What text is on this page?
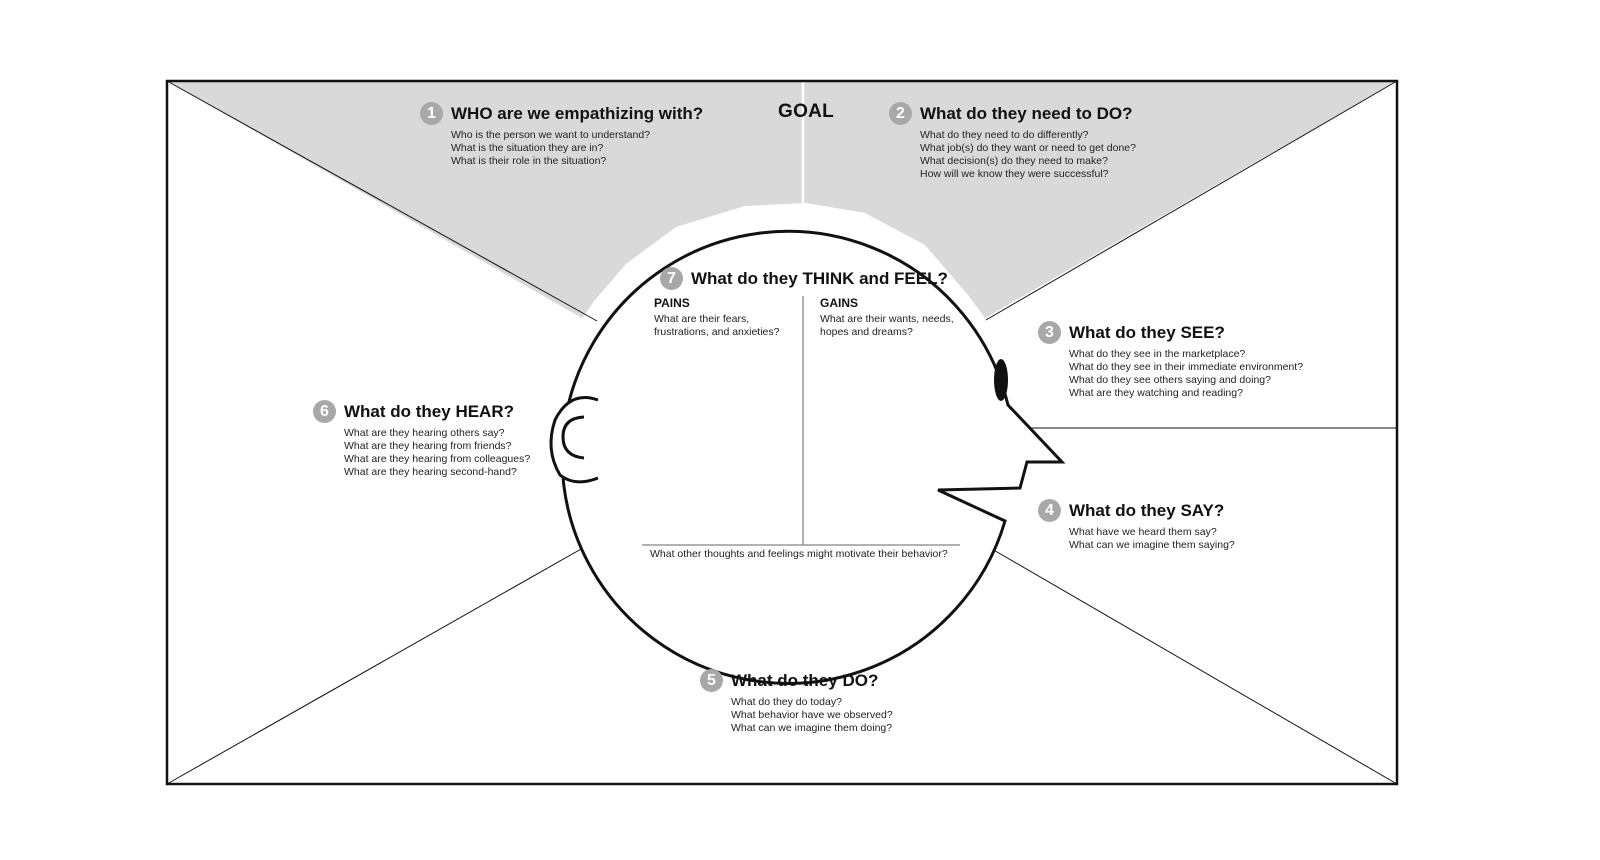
GOAL
1 WHO are we empathizing with?
Who is the person we want to understand?
What is the situation they are in?
What is their role in the situation?
2 What do they need to DO?
What do they need to do differently?
What job(s) do they want or need to get done?
What decision(s) do they need to make?
How will we know they were successful?
3 What do they SEE?
What do they see in the marketplace?
What do they see in their immediate environment?
What do they see others saying and doing?
What are they watching and reading?
4 What do they SAY?
What have we heard them say?
What can we imagine them saying?
5 What do they DO?
What do they do today?
What behavior have we observed?
What can we imagine them doing?
6 What do they HEAR?
What are they hearing others say?
What are they hearing from friends?
What are they hearing from colleagues?
What are they hearing second-hand?
7 What do they THINK and FEEL?
PAINS
What are their fears, frustrations, and anxieties?
GAINS
What are their wants, needs, hopes and dreams?
What other thoughts and feelings might motivate their behavior?
